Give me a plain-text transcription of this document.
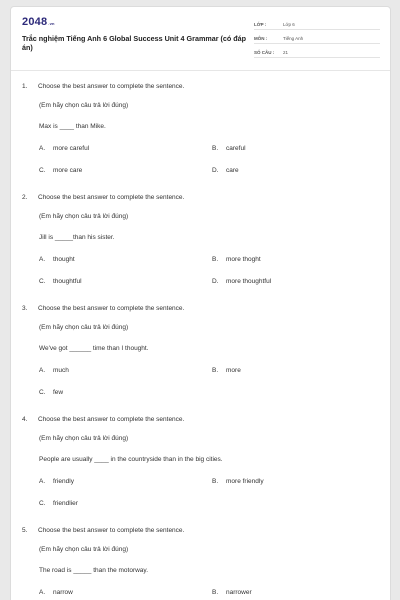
2048.vn
Trắc nghiệm Tiếng Anh 6 Global Success Unit 4 Grammar (có đáp án)
LỚP :	Lớp 6
MÔN :	Tiếng Anh
SỐ CÂU :	21
1. Choose the best answer to complete the sentence.
(Em hãy chọn câu trả lời đúng)
Max is ____ than Mike.
A. more careful	B. careful
C. more care	D. care
2. Choose the best answer to complete the sentence.
(Em hãy chọn câu trả lời đúng)
Jill is _____than his sister.
A. thought	B. more thoght
C. thoughtful	D. more thoughtful
3. Choose the best answer to complete the sentence.
(Em hãy chọn câu trả lời đúng)
We've got ______ time than I thought.
A. much	B. more
C. few
4. Choose the best answer to complete the sentence.
(Em hãy chọn câu trả lời đúng)
People are usually ____ in the countryside than in the big cities.
A. friendly	B. more friendly
C. friendlier
5. Choose the best answer to complete the sentence.
(Em hãy chọn câu trả lời đúng)
The road is _____ than the motorway.
A. narrow	B. narrower
